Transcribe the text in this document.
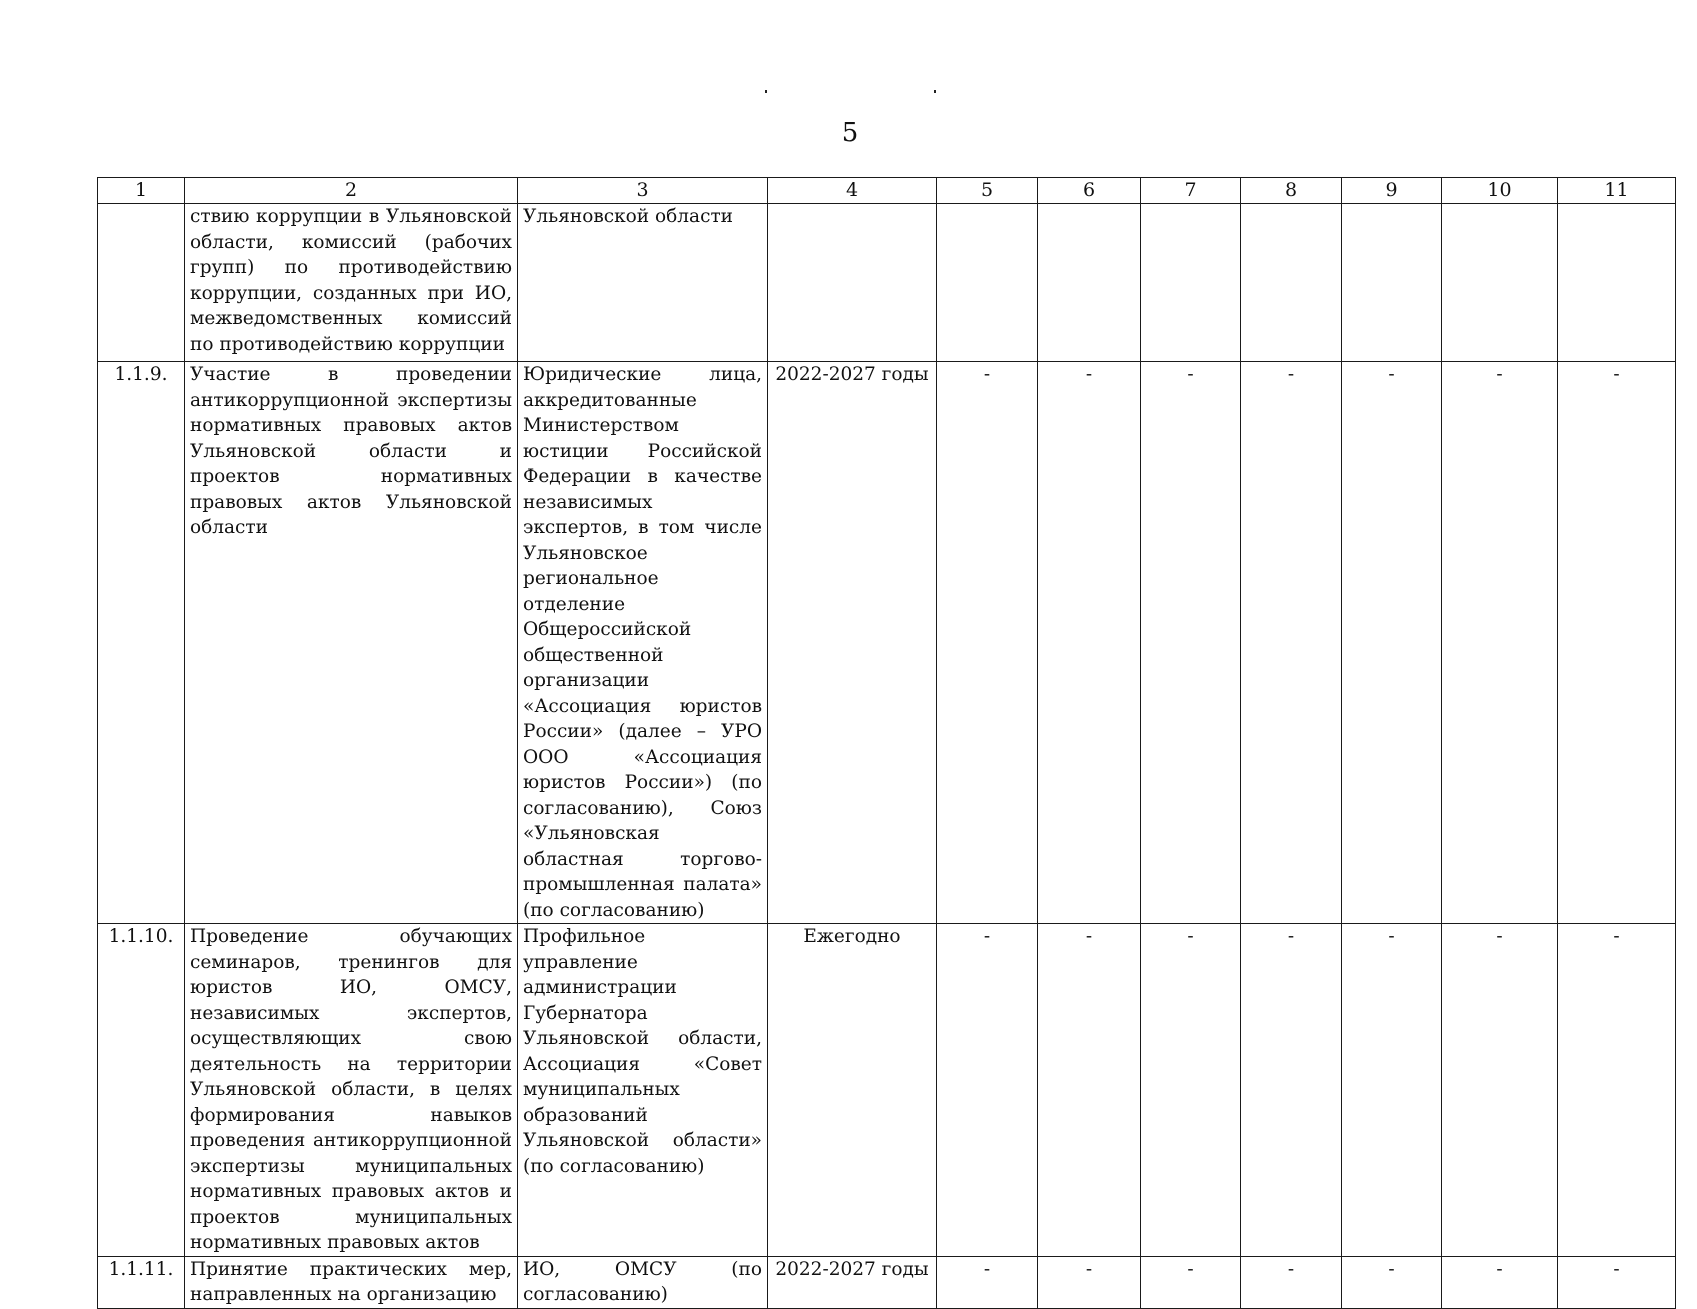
5
1	2	3	4	5	6	7	8	9	10	11

	ствию коррупции в Ульяновской области, комиссий (рабочих групп) по противодействию коррупции, созданных при ИО, межведомственных комиссий по противодействию коррупции	Ульяновской области								

1.1.9.	Участие в проведении антикоррупционной экспертизы нормативных правовых актов Ульяновской области и проектов нормативных правовых актов Ульяновской области	Юридические лица, аккредитованные Министерством юстиции Российской Федерации в качестве независимых экспертов, в том числе Ульяновское региональное отделение Общероссийской общественной организации «Ассоциация юристов России» (далее – УРО ООО «Ассоциация юристов России») (по согласованию), Союз «Ульяновская областная торгово-промышленная палата» (по согласованию)	2022-2027 годы	-	-	-	-	-	-	-
1.1.10.	Проведение обучающих семинаров, тренингов для юристов ИО, ОМСУ, независимых экспертов, осуществляющих свою деятельность на территории Ульяновской области, в целях формирования навыков проведения антикоррупционной экспертизы муниципальных нормативных правовых актов и проектов муниципальных нормативных правовых актов	Профильное управление администрации Губернатора Ульяновской области, Ассоциация «Совет муниципальных образований Ульяновской области» (по согласованию)	Ежегодно	-	-	-	-	-	-	-
1.1.11.	Принятие практических мер, направленных на организацию	ИО, ОМСУ (по согласованию)	2022-2027 годы	-	-	-	-	-	-	-
